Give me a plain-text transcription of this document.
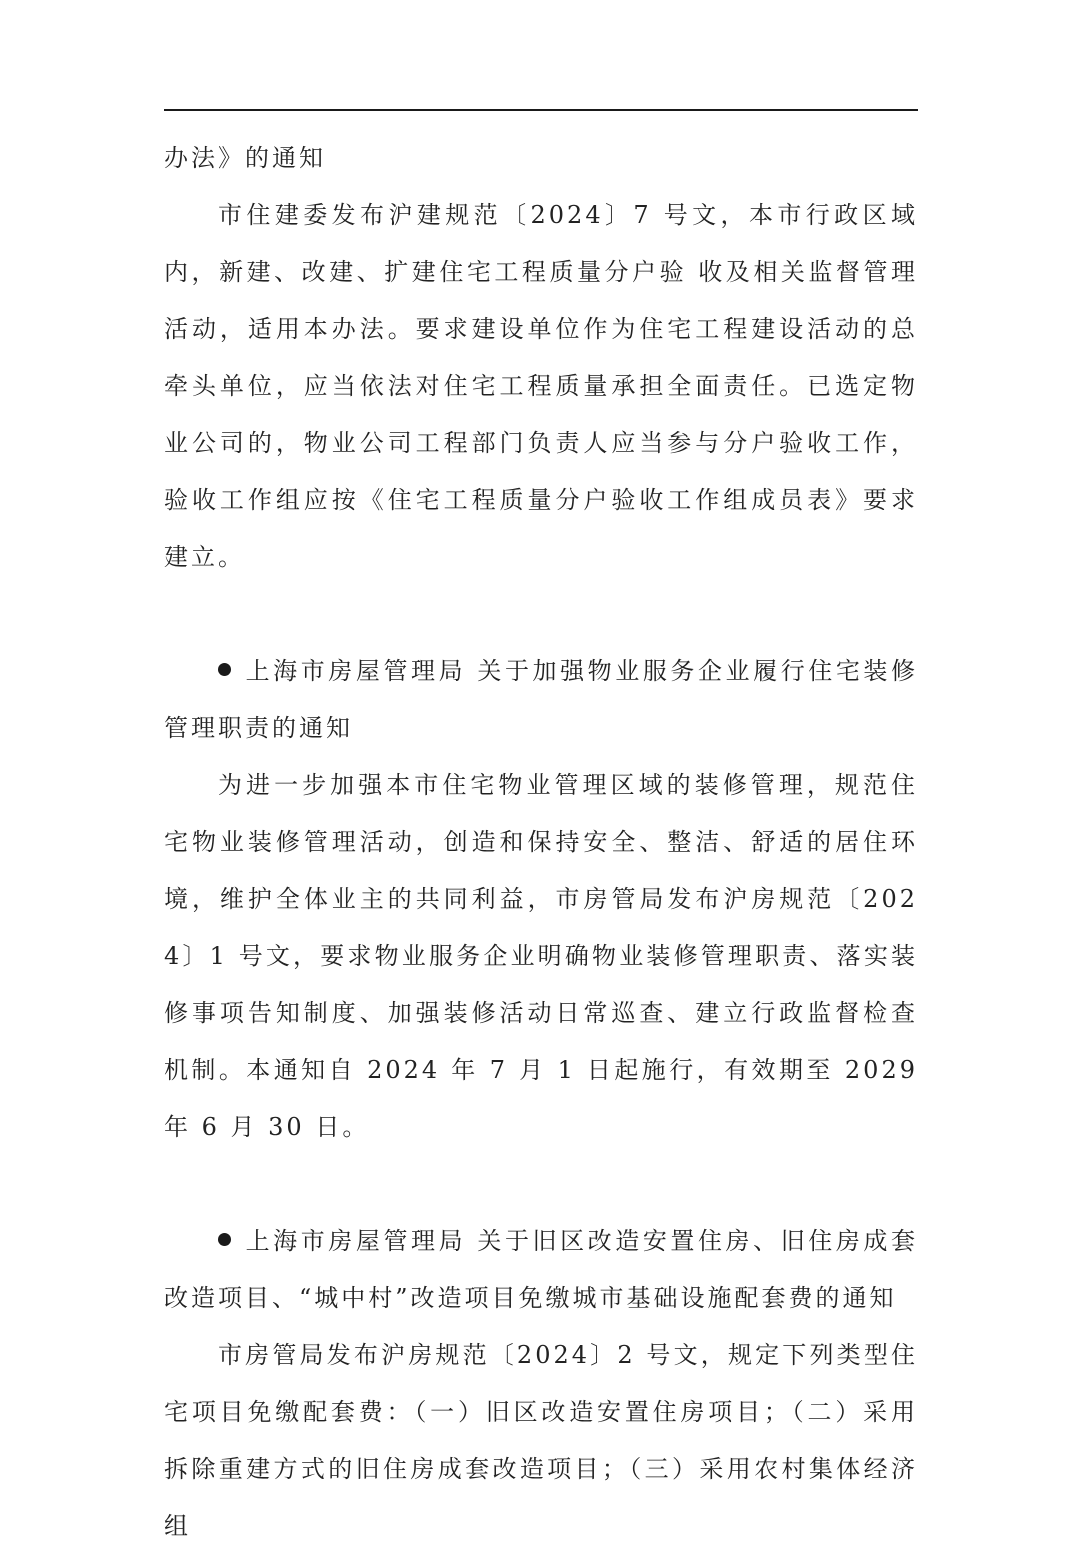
办法》的通知

市住建委发布沪建规范〔2024〕7 号文，本市行政区域内，新建、改建、扩建住宅工程质量分户验 收及相关监督管理活动，适用本办法。要求建设单位作为住宅工程建设活动的总牵头单位，应当依法对住宅工程质量承担全面责任。已选定物业公司的，物业公司工程部门负责人应当参与分户验收工作，验收工作组应按《住宅工程质量分户验收工作组成员表》要求建立。

上海市房屋管理局 关于加强物业服务企业履行住宅装修管理职责的通知

为进一步加强本市住宅物业管理区域的装修管理，规范住宅物业装修管理活动，创造和保持安全、整洁、舒适的居住环境，维护全体业主的共同利益，市房管局发布沪房规范〔2024〕1 号文，要求物业服务企业明确物业装修管理职责、落实装修事项告知制度、加强装修活动日常巡查、建立行政监督检查机制。本通知自 2024 年 7 月 1 日起施行，有效期至 2029 年 6 月 30 日。

上海市房屋管理局 关于旧区改造安置住房、旧住房成套改造项目、“城中村”改造项目免缴城市基础设施配套费的通知

市房管局发布沪房规范〔2024〕2 号文，规定下列类型住宅项目免缴配套费：（一）旧区改造安置住房项目；（二）采用拆除重建方式的旧住房成套改造项目；（三）采用农村集体经济组
